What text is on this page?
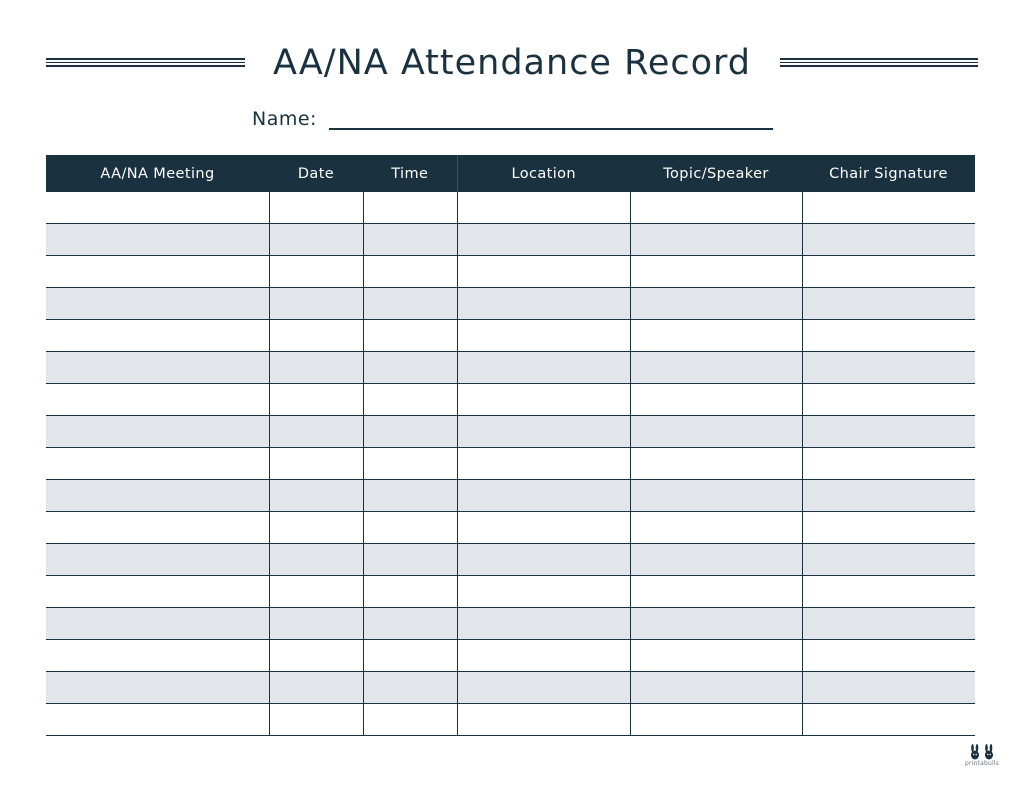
AA/NA Attendance Record
Name:
AA/NA Meeting	Date	Time	Location	Topic/Speaker	Chair Signature

printabulls
